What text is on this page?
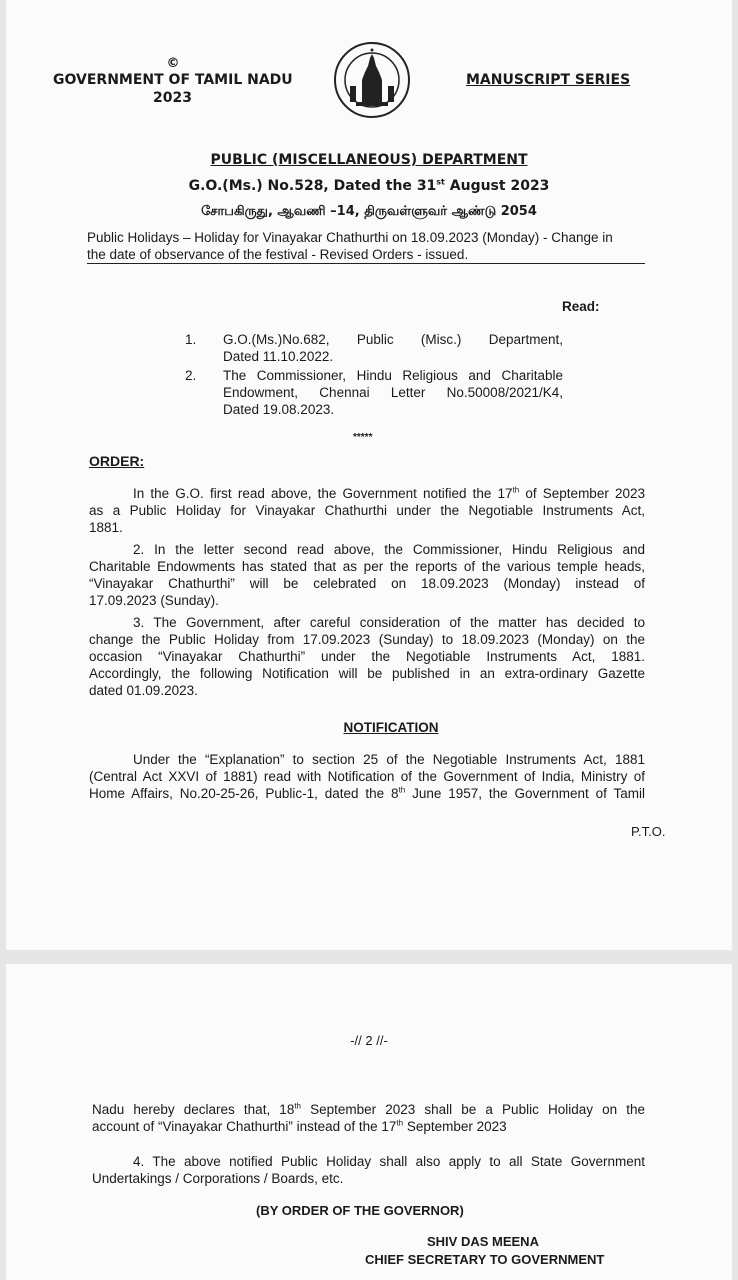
©
GOVERNMENT OF TAMIL NADU
2023
MANUSCRIPT SERIES
PUBLIC (MISCELLANEOUS) DEPARTMENT
G.O.(Ms.) No.528, Dated the 31st August 2023
சோபகிருது, ஆவணி –14, திருவள்ளுவர் ஆண்டு 2054
Public Holidays – Holiday for Vinayakar Chathurthi on 18.09.2023 (Monday) - Change in
the date of observance of the festival - Revised Orders - issued.
Read:
1. G.O.(Ms.)No.682, Public (Misc.) Department,
Dated 11.10.2022.
2. The Commissioner, Hindu Religious and Charitable
Endowment, Chennai Letter No.50008/2021/K4,
Dated 19.08.2023.
*****
ORDER:
In the G.O. first read above, the Government notified the 17th of September 2023
as a Public Holiday for Vinayakar Chathurthi under the Negotiable Instruments Act,
1881.
2. In the letter second read above, the Commissioner, Hindu Religious and
Charitable Endowments has stated that as per the reports of the various temple heads,
“Vinayakar Chathurthi” will be celebrated on 18.09.2023 (Monday) instead of
17.09.2023 (Sunday).
3. The Government, after careful consideration of the matter has decided to
change the Public Holiday from 17.09.2023 (Sunday) to 18.09.2023 (Monday) on the
occasion “Vinayakar Chathurthi” under the Negotiable Instruments Act, 1881.
Accordingly, the following Notification will be published in an extra-ordinary Gazette
dated 01.09.2023.
NOTIFICATION
Under the “Explanation” to section 25 of the Negotiable Instruments Act, 1881
(Central Act XXVI of 1881) read with Notification of the Government of India, Ministry of
Home Affairs, No.20-25-26, Public-1, dated the 8th June 1957, the Government of Tamil
P.T.O.
-// 2 //-
Nadu hereby declares that, 18th September 2023 shall be a Public Holiday on the
account of “Vinayakar Chathurthi” instead of the 17th September 2023
4. The above notified Public Holiday shall also apply to all State Government
Undertakings / Corporations / Boards, etc.
(BY ORDER OF THE GOVERNOR)
SHIV DAS MEENA
CHIEF SECRETARY TO GOVERNMENT
